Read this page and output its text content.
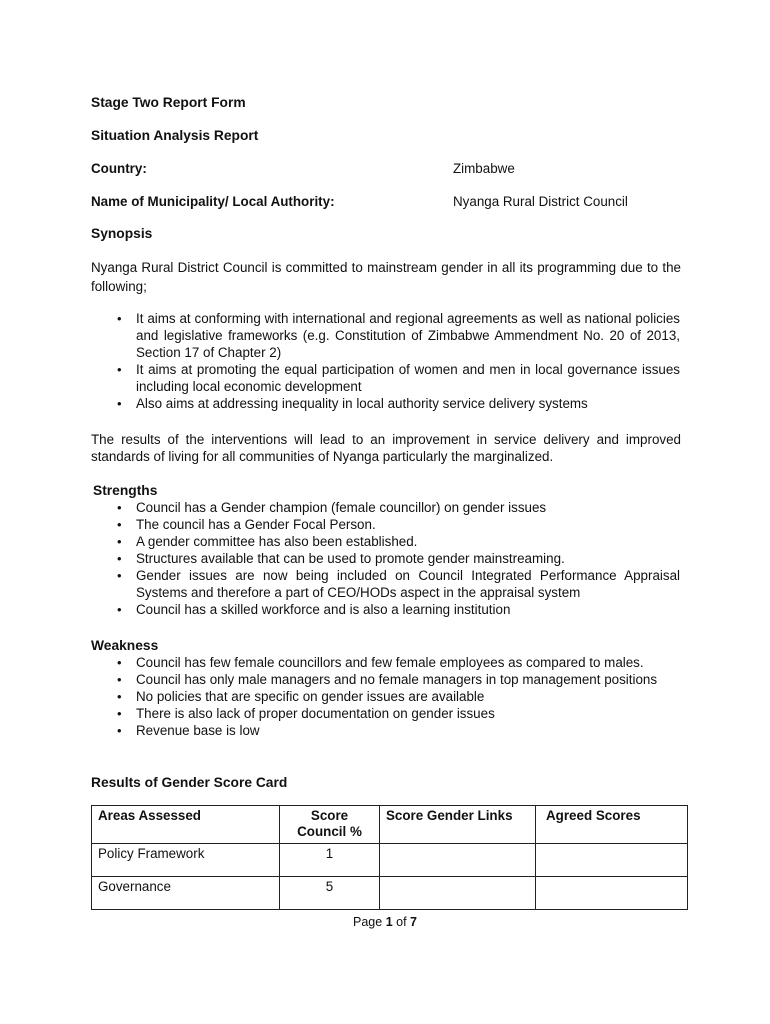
Stage Two Report Form
Situation Analysis Report
Country:	Zimbabwe
Name of Municipality/ Local Authority:	Nyanga Rural District Council
Synopsis
Nyanga Rural District Council is committed to mainstream gender in all its programming due to the following;
• It aims at conforming with international and regional agreements as well as national policies and legislative frameworks (e.g. Constitution of Zimbabwe Ammendment No. 20 of 2013, Section 17 of Chapter 2)
• It aims at promoting the equal participation of women and men in local governance issues including local economic development
• Also aims at addressing inequality in local authority service delivery systems
The results of the interventions will lead to an improvement in service delivery and improved standards of living for all communities of Nyanga particularly the marginalized.
Strengths
• Council has a Gender champion (female councillor) on gender issues
• The council has a Gender Focal Person.
• A gender committee has also been established.
• Structures available that can be used to promote gender mainstreaming.
• Gender issues are now being included on Council Integrated Performance Appraisal Systems and therefore a part of CEO/HODs aspect in the appraisal system
• Council has a skilled workforce and is also a learning institution
Weakness
• Council has few female councillors and few female employees as compared to males.
• Council has only male managers and no female managers in top management positions
• No policies that are specific on gender issues are available
• There is also lack of proper documentation on gender issues
• Revenue base is low
Results of Gender Score Card
Areas Assessed	Score Council %	Score Gender Links	Agreed Scores
Policy Framework	1		
Governance	5		
Page 1 of 7
